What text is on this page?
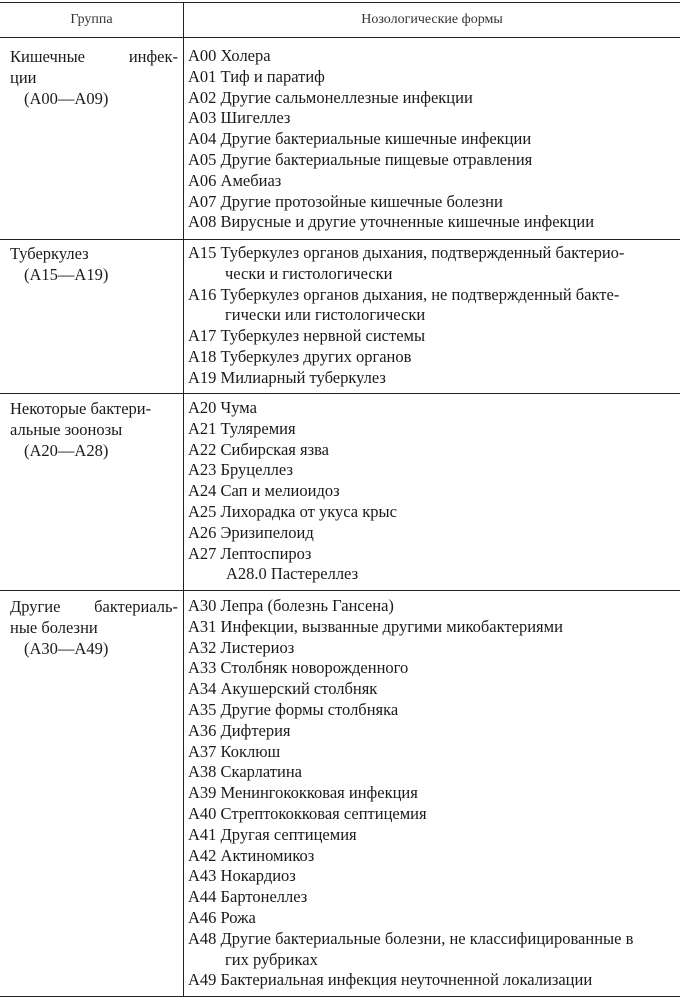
Группа	Нозологические формы
Кишечные	инфек-
ции
(A00—A09)
A00 Холера
A01 Тиф и паратиф
A02 Другие сальмонеллезные инфекции
A03 Шигеллез
A04 Другие бактериальные кишечные инфекции
A05 Другие бактериальные пищевые отравления
A06 Амебиаз
A07 Другие протозойные кишечные болезни
A08 Вирусные и другие уточненные кишечные инфекции
Туберкулез
(A15—A19)
A15 Туберкулез органов дыхания, подтвержденный бактерио-
чески и гистологически
A16 Туберкулез органов дыхания, не подтвержденный бакте-
гически или гистологически
A17 Туберкулез нервной системы
A18 Туберкулез других органов
A19 Милиарный туберкулез
Некоторые бактери-
альные зоонозы
(A20—A28)
A20 Чума
A21 Туляремия
A22 Сибирская язва
A23 Бруцеллез
A24 Сап и мелиоидоз
A25 Лихорадка от укуса крыс
A26 Эризипелоид
A27 Лептоспироз
A28.0 Пастереллез
Другие бактериаль-
ные болезни
(A30—A49)
A30 Лепра (болезнь Гансена)
A31 Инфекции, вызванные другими микобактериями
A32 Листериоз
A33 Столбняк новорожденного
A34 Акушерский столбняк
A35 Другие формы столбняка
A36 Дифтерия
A37 Коклюш
A38 Скарлатина
A39 Менингококковая инфекция
A40 Стрептококковая септицемия
A41 Другая септицемия
A42 Актиномикоз
A43 Нокардиоз
A44 Бартонеллез
A46 Рожа
A48 Другие бактериальные болезни, не классифицированные в
гих рубриках
A49 Бактериальная инфекция неуточненной локализации
